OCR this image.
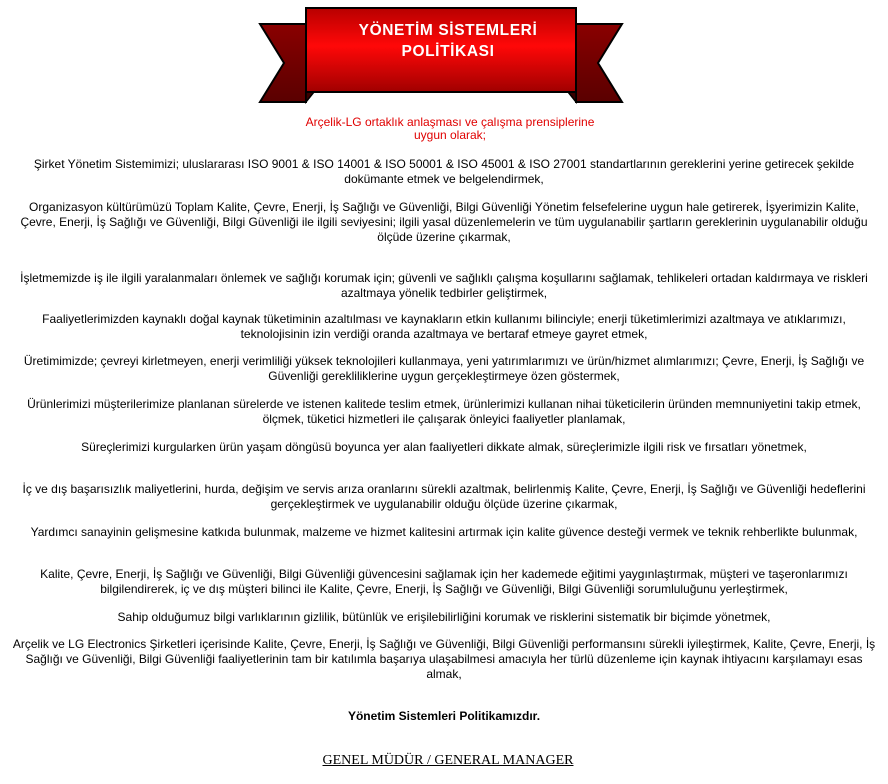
YÖNETİM SİSTEMLERİ
POLİTİKASI
Arçelik-LG ortaklık anlaşması ve çalışma prensiplerine
uygun olarak;
Şirket Yönetim Sistemimizi; uluslararası ISO 9001 & ISO 14001 & ISO 50001 & ISO 45001 & ISO 27001 standartlarının gereklerini yerine getirecek şekilde dokümante etmek ve belgelendirmek,
Organizasyon kültürümüzü Toplam Kalite, Çevre, Enerji, İş Sağlığı ve Güvenliği, Bilgi Güvenliği Yönetim felsefelerine uygun hale getirerek, İşyerimizin Kalite, Çevre, Enerji, İş Sağlığı ve Güvenliği, Bilgi Güvenliği ile ilgili seviyesini; ilgili yasal düzenlemelerin ve tüm uygulanabilir şartların gereklerinin uygulanabilir olduğu ölçüde üzerine çıkarmak,
İşletmemizde iş ile ilgili yaralanmaları önlemek ve sağlığı korumak için; güvenli ve sağlıklı çalışma koşullarını sağlamak, tehlikeleri ortadan kaldırmaya ve riskleri azaltmaya yönelik tedbirler geliştirmek,
Faaliyetlerimizden kaynaklı doğal kaynak tüketiminin azaltılması ve kaynakların etkin kullanımı bilinciyle; enerji tüketimlerimizi azaltmaya ve atıklarımızı, teknolojisinin izin verdiği oranda azaltmaya ve bertaraf etmeye gayret etmek,
Üretimimizde; çevreyi kirletmeyen, enerji verimliliği yüksek teknolojileri kullanmaya, yeni yatırımlarımızı ve ürün/hizmet alımlarımızı; Çevre, Enerji, İş Sağlığı ve Güvenliği gerekliliklerine uygun gerçekleştirmeye özen göstermek,
Ürünlerimizi müşterilerimize planlanan sürelerde ve istenen kalitede teslim etmek, ürünlerimizi kullanan nihai tüketicilerin üründen memnuniyetini takip etmek, ölçmek, tüketici hizmetleri ile çalışarak önleyici faaliyetler planlamak,
Süreçlerimizi kurgularken ürün yaşam döngüsü boyunca yer alan faaliyetleri dikkate almak, süreçlerimizle ilgili risk ve fırsatları yönetmek,
İç ve dış başarısızlık maliyetlerini, hurda, değişim ve servis arıza oranlarını sürekli azaltmak, belirlenmiş Kalite, Çevre, Enerji, İş Sağlığı ve Güvenliği hedeflerini gerçekleştirmek ve uygulanabilir olduğu ölçüde üzerine çıkarmak,
Yardımcı sanayinin gelişmesine katkıda bulunmak, malzeme ve hizmet kalitesini artırmak için kalite güvence desteği vermek ve teknik rehberlikte bulunmak,
Kalite, Çevre, Enerji, İş Sağlığı ve Güvenliği, Bilgi Güvenliği güvencesini sağlamak için her kademede eğitimi yaygınlaştırmak, müşteri ve taşeronlarımızı bilgilendirerek, iç ve dış müşteri bilinci ile Kalite, Çevre, Enerji, İş Sağlığı ve Güvenliği, Bilgi Güvenliği sorumluluğunu yerleştirmek,
Sahip olduğumuz bilgi varlıklarının gizlilik, bütünlük ve erişilebilirliğini korumak ve risklerini sistematik bir biçimde yönetmek,
Arçelik ve LG Electronics Şirketleri içerisinde Kalite, Çevre, Enerji, İş Sağlığı ve Güvenliği, Bilgi Güvenliği performansını sürekli iyileştirmek, Kalite, Çevre, Enerji, İş Sağlığı ve Güvenliği, Bilgi Güvenliği faaliyetlerinin tam bir katılımla başarıya ulaşabilmesi amacıyla her türlü düzenleme için kaynak ihtiyacını karşılamayı esas almak,
Yönetim Sistemleri Politikamızdır.
GENEL MÜDÜR / GENERAL MANAGER
